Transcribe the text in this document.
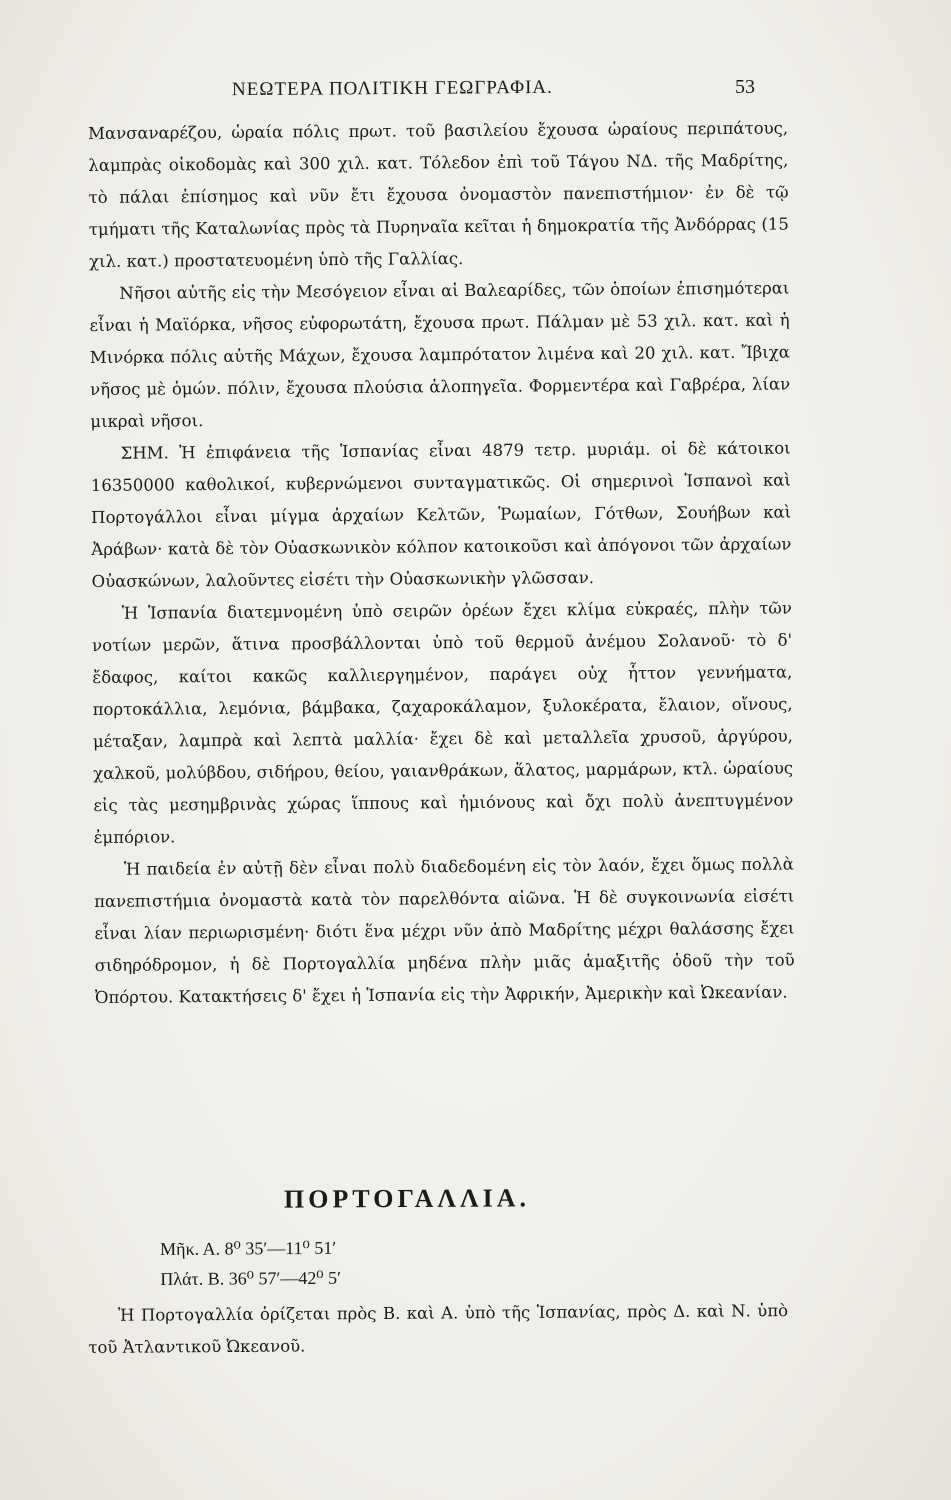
ΝΕΩΤΕΡΑ ΠΟΛΙΤΙΚΗ ΓΕΩΓΡΑΦΙΑ.	53

Μανσαναρέζου, ὡραία πόλις πρωτ. τοῦ βασιλείου ἔχουσα ὡραίους περιπάτους, λαμπρὰς οἰκοδομὰς καὶ 300 χιλ. κατ. Τόλεδον ἐπὶ τοῦ Τάγου ΝΔ. τῆς Μαδρίτης, τὸ πάλαι ἐπίσημος καὶ νῦν ἔτι ἔχουσα ὀνομαστὸν πανεπιστήμιον· ἐν δὲ τῷ τμήματι τῆς Καταλωνίας πρὸς τὰ Πυρηναῖα κεῖται ἡ δημοκρατία τῆς Ἀνδόρρας (15 χιλ. κατ.) προστατευομένη ὑπὸ τῆς Γαλλίας.

Νῆσοι αὐτῆς εἰς τὴν Μεσόγειον εἶναι αἱ Βαλεαρίδες, τῶν ὁποίων ἐπισημότεραι εἶναι ἡ Μαϊόρκα, νῆσος εὐφορωτάτη, ἔχουσα πρωτ. Πάλμαν μὲ 53 χιλ. κατ. καὶ ἡ Μινόρκα πόλις αὐτῆς Μάχων, ἔχουσα λαμπρότατον λιμένα καὶ 20 χιλ. κατ. Ἴβιχα νῆσος μὲ ὁμών. πόλιν, ἔχουσα πλούσια ἁλοπηγεῖα. Φορμεντέρα καὶ Γαβρέρα, λίαν μικραὶ νῆσοι.

ΣΗΜ. Ἡ ἐπιφάνεια τῆς Ἱσπανίας εἶναι 4879 τετρ. μυριάμ. οἱ δὲ κάτοικοι 16350000 καθολικοί, κυβερνώμενοι συνταγματικῶς. Οἱ σημερινοὶ Ἱσπανοὶ καὶ Πορτογάλλοι εἶναι μίγμα ἀρχαίων Κελτῶν, Ῥωμαίων, Γότθων, Σουήβων καὶ Ἀράβων· κατὰ δὲ τὸν Οὐασκωνικὸν κόλπον κατοικοῦσι καὶ ἀπόγονοι τῶν ἀρχαίων Οὐασκώνων, λαλοῦντες εἰσέτι τὴν Οὐασκωνικὴν γλῶσσαν.

Ἡ Ἱσπανία διατεμνομένη ὑπὸ σειρῶν ὀρέων ἔχει κλίμα εὐκραές, πλὴν τῶν νοτίων μερῶν, ἅτινα προσβάλλονται ὑπὸ τοῦ θερμοῦ ἀνέμου Σολανοῦ· τὸ δ' ἔδαφος, καίτοι κακῶς καλλιεργημένον, παράγει οὐχ ἧττον γεννήματα, πορτοκάλλια, λεμόνια, βάμβακα, ζαχαροκάλαμον, ξυλοκέρατα, ἔλαιον, οἴνους, μέταξαν, λαμπρὰ καὶ λεπτὰ μαλλία· ἔχει δὲ καὶ μεταλλεῖα χρυσοῦ, ἀργύρου, χαλκοῦ, μολύβδου, σιδήρου, θείου, γαιανθράκων, ἅλατος, μαρμάρων, κτλ. ὡραίους εἰς τὰς μεσημβρινὰς χώρας ἵππους καὶ ἡμιόνους καὶ ὄχι πολὺ ἀνεπτυγμένον ἐμπόριον.

Ἡ παιδεία ἐν αὐτῇ δὲν εἶναι πολὺ διαδεδομένη εἰς τὸν λαόν, ἔχει ὅμως πολλὰ πανεπιστήμια ὀνομαστὰ κατὰ τὸν παρελθόντα αἰῶνα. Ἡ δὲ συγκοινωνία εἰσέτι εἶναι λίαν περιωρισμένη· διότι ἕνα μέχρι νῦν ἀπὸ Μαδρίτης μέχρι θαλάσσης ἔχει σιδηρόδρομον, ἡ δὲ Πορτογαλλία μηδένα πλὴν μιᾶς ἁμαξιτῆς ὁδοῦ τὴν τοῦ Ὀπόρτου. Κατακτήσεις δ' ἔχει ἡ Ἱσπανία εἰς τὴν Ἀφρικήν, Ἀμερικὴν καὶ Ὠκεανίαν.

ΠΟΡΤΟΓΑΛΛΙΑ.
Μῆκ. Α. 8⁰ 35′—11⁰ 51′
Πλάτ. Β. 36⁰ 57′—42⁰ 5′

Ἡ Πορτογαλλία ὁρίζεται πρὸς Β. καὶ Α. ὑπὸ τῆς Ἱσπανίας, πρὸς Δ. καὶ Ν. ὑπὸ τοῦ Ἀτλαντικοῦ Ὠκεανοῦ.
